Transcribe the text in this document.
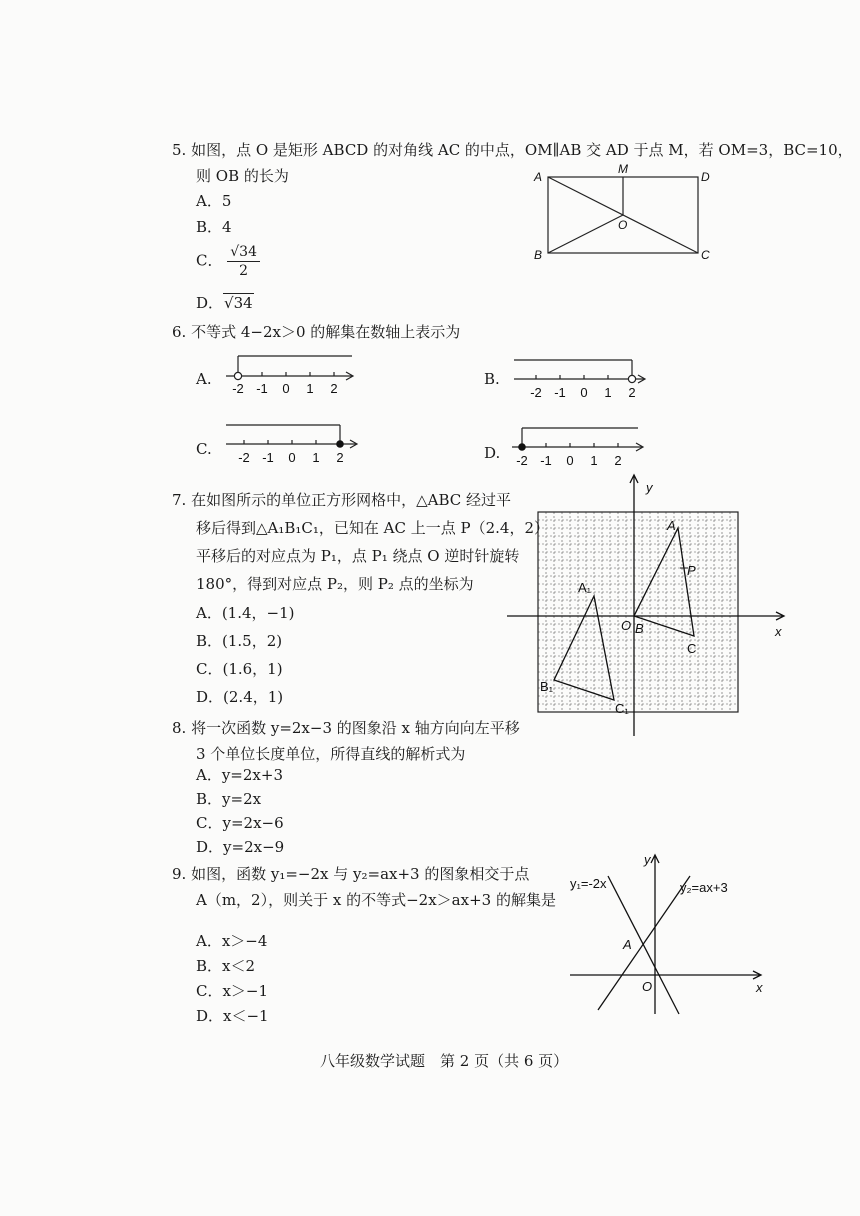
5. 如图，点 O 是矩形 ABCD 的对角线 AC 的中点，OM∥AB 交 AD 于点 M，若 OM=3，BC=10，
则 OB 的长为
A．5
B．4
C． $\frac{√34}{2}$
D．√34
A
M
D
O
B	C
6. 不等式 4−2x＞0 的解集在数轴上表示为
A.
-2 -1 0 1 2
B.
-2 -1 0 1 2
C. -2 -1 0 1 2	D. -2 -1 0 1 2
7. 在如图所示的单位正方形网格中，△ABC 经过平
移后得到△A₁B₁C₁，已知在 AC 上一点 P（2.4，2）
平移后的对应点为 P₁，点 P₁ 绕点 O 逆时针旋转
180°，得到对应点 P₂，则 P₂ 点的坐标为
A．(1.4，−1)
B．(1.5，2)
C．(1.6，1)
D．(2.4，1)
y
x
A
P
O B
C
A₁
B₁
C₁
8. 将一次函数 y=2x−3 的图象沿 x 轴方向向左平移
3 个单位长度单位，所得直线的解析式为
A．y=2x+3
B．y=2x
C．y=2x−6
D．y=2x−9
9. 如图，函数 y₁=−2x 与 y₂=ax+3 的图象相交于点
A（m，2），则关于 x 的不等式−2x＞ax+3 的解集是
A．x＞−4
B．x＜2
C．x＞−1
D．x＜−1
y
x
O
A
y₁=-2x	y₂=ax+3
八年级数学试题　第 2 页（共 6 页）
